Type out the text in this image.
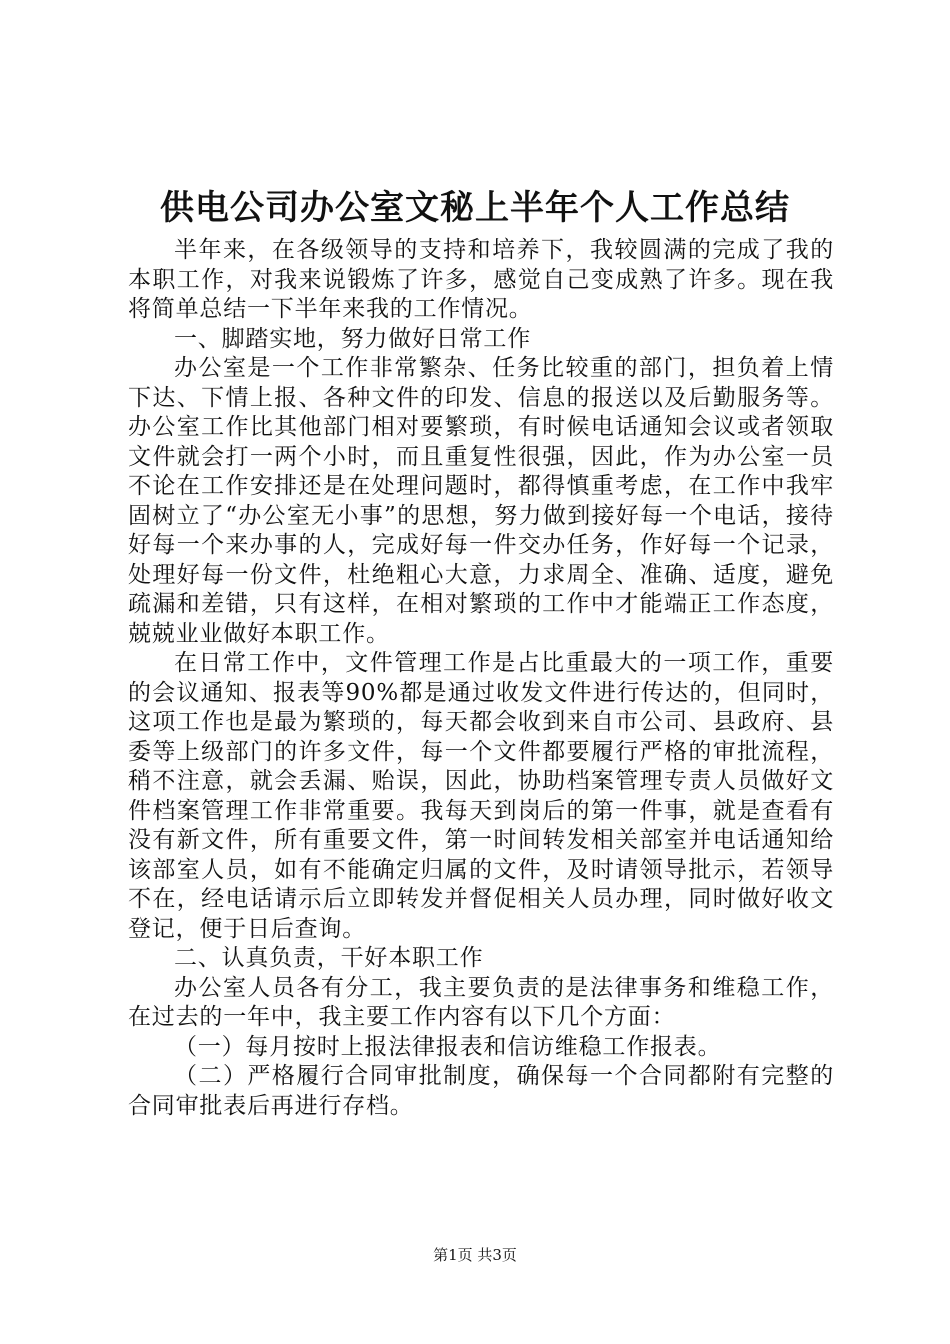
供电公司办公室文秘上半年个人工作总结

半年来，在各级领导的支持和培养下，我较圆满的完成了我的本职工作，对我来说锻炼了许多，感觉自己变成熟了许多。现在我将简单总结一下半年来我的工作情况。

一、脚踏实地，努力做好日常工作

办公室是一个工作非常繁杂、任务比较重的部门，担负着上情下达、下情上报、各种文件的印发、信息的报送以及后勤服务等。办公室工作比其他部门相对要繁琐，有时候电话通知会议或者领取文件就会打一两个小时，而且重复性很强，因此，作为办公室一员不论在工作安排还是在处理问题时，都得慎重考虑，在工作中我牢固树立了“办公室无小事”的思想，努力做到接好每一个电话，接待好每一个来办事的人，完成好每一件交办任务，作好每一个记录，处理好每一份文件，杜绝粗心大意，力求周全、准确、适度，避免疏漏和差错，只有这样，在相对繁琐的工作中才能端正工作态度，兢兢业业做好本职工作。

在日常工作中，文件管理工作是占比重最大的一项工作，重要的会议通知、报表等90%都是通过收发文件进行传达的，但同时，这项工作也是最为繁琐的，每天都会收到来自市公司、县政府、县委等上级部门的许多文件，每一个文件都要履行严格的审批流程，稍不注意，就会丢漏、贻误，因此，协助档案管理专责人员做好文件档案管理工作非常重要。我每天到岗后的第一件事，就是查看有没有新文件，所有重要文件，第一时间转发相关部室并电话通知给该部室人员，如有不能确定归属的文件，及时请领导批示，若领导不在，经电话请示后立即转发并督促相关人员办理，同时做好收文登记，便于日后查询。

二、认真负责，干好本职工作

办公室人员各有分工，我主要负责的是法律事务和维稳工作，在过去的一年中，我主要工作内容有以下几个方面：

（一）每月按时上报法律报表和信访维稳工作报表。

（二）严格履行合同审批制度，确保每一个合同都附有完整的合同审批表后再进行存档。

第1页 共3页
